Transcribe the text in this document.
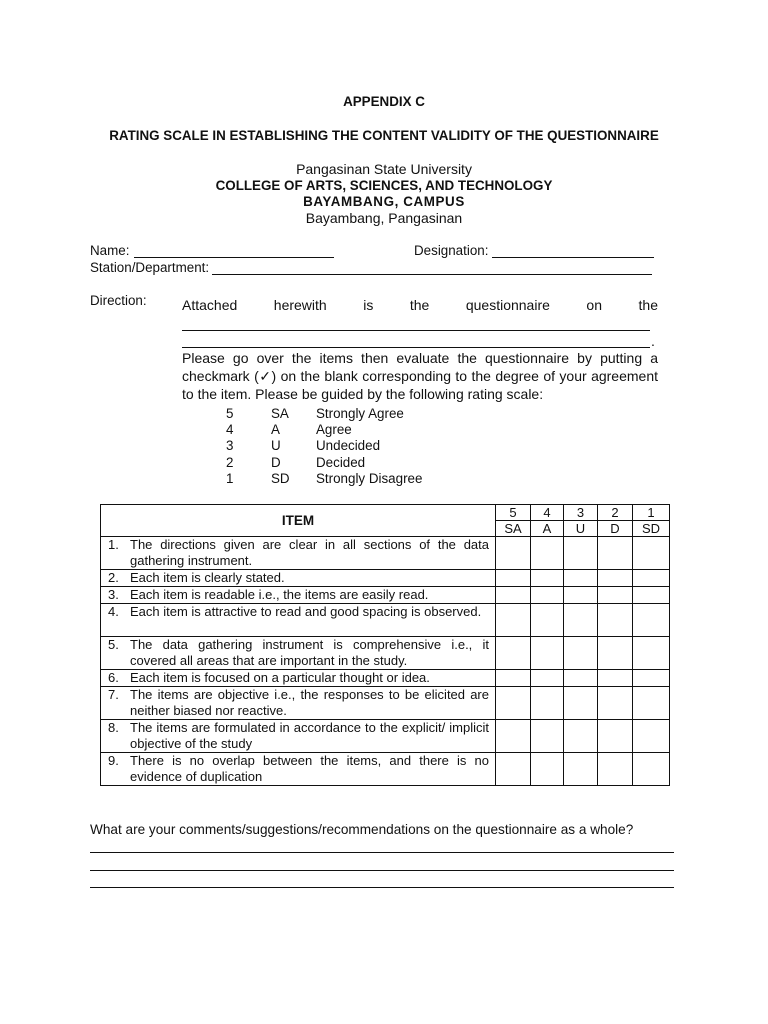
APPENDIX C
RATING SCALE IN ESTABLISHING THE CONTENT VALIDITY OF THE QUESTIONNAIRE
Pangasinan State University
COLLEGE OF ARTS, SCIENCES, AND TECHNOLOGY
BAYAMBANG, CAMPUS
Bayambang, Pangasinan
Name:	Designation:
Station/Department:
Direction:	Attached	herewith	is	the	questionnaire	on	the
.
Please go over the items then evaluate the questionnaire by putting a checkmark (✓) on the blank corresponding to the degree of your agreement to the item. Please be guided by the following rating scale:
5	SA Strongly Agree
4	A	Agree
3	U	Undecided
2	D	Decided
1	SD Strongly Disagree
ITEM	5	4	3	2	1
	SA	A	U	D	SD

1. The directions given are clear in all sections of the data gathering instrument.					

2. Each item is clearly stated.					

3. Each item is readable i.e., the items are easily read.					

4. Each item is attractive to read and good spacing is observed.					

5. The data gathering instrument is comprehensive i.e., it covered all areas that are important in the study.					

6. Each item is focused on a particular thought or idea.					

7. The items are objective i.e., the responses to be elicited are neither biased nor reactive.					

8. The items are formulated in accordance to the explicit/ implicit objective of the study					

9. There is no overlap between the items, and there is no evidence of duplication					

What are your comments/suggestions/recommendations on the questionnaire as a whole?
